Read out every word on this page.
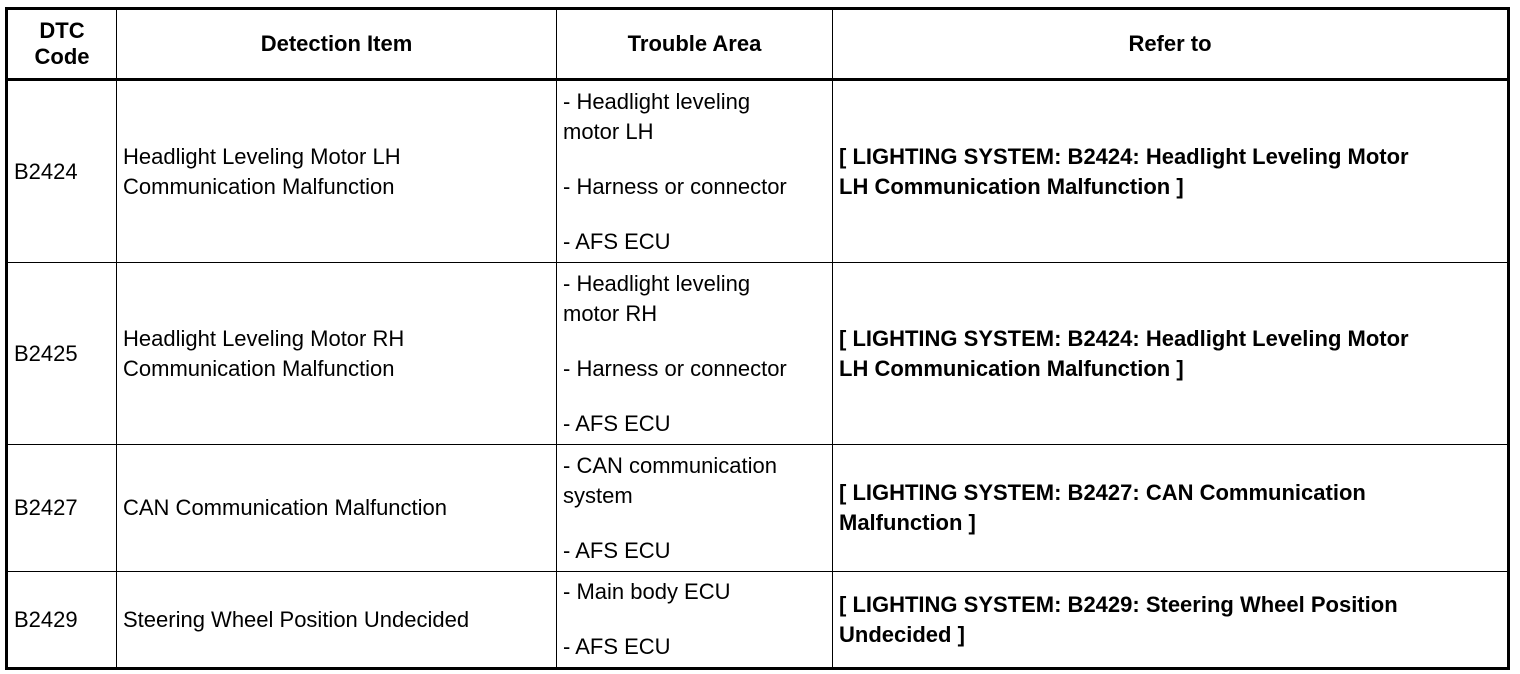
DTC
Code	Detection Item	Trouble Area	Refer to
B2424	Headlight Leveling Motor LH
Communication Malfunction	- Headlight leveling
motor LH
- Harness or connector
- AFS ECU	[ LIGHTING SYSTEM: B2424: Headlight Leveling Motor
LH Communication Malfunction ]

B2425	Headlight Leveling Motor RH
Communication Malfunction	- Headlight leveling
motor RH
- Harness or connector
- AFS ECU	[ LIGHTING SYSTEM: B2424: Headlight Leveling Motor
LH Communication Malfunction ]

B2427	CAN Communication Malfunction	- CAN communication
system
- AFS ECU	[ LIGHTING SYSTEM: B2427: CAN Communication
Malfunction ]

B2429	Steering Wheel Position Undecided	- Main body ECU
- AFS ECU	[ LIGHTING SYSTEM: B2429: Steering Wheel Position
Undecided ]
